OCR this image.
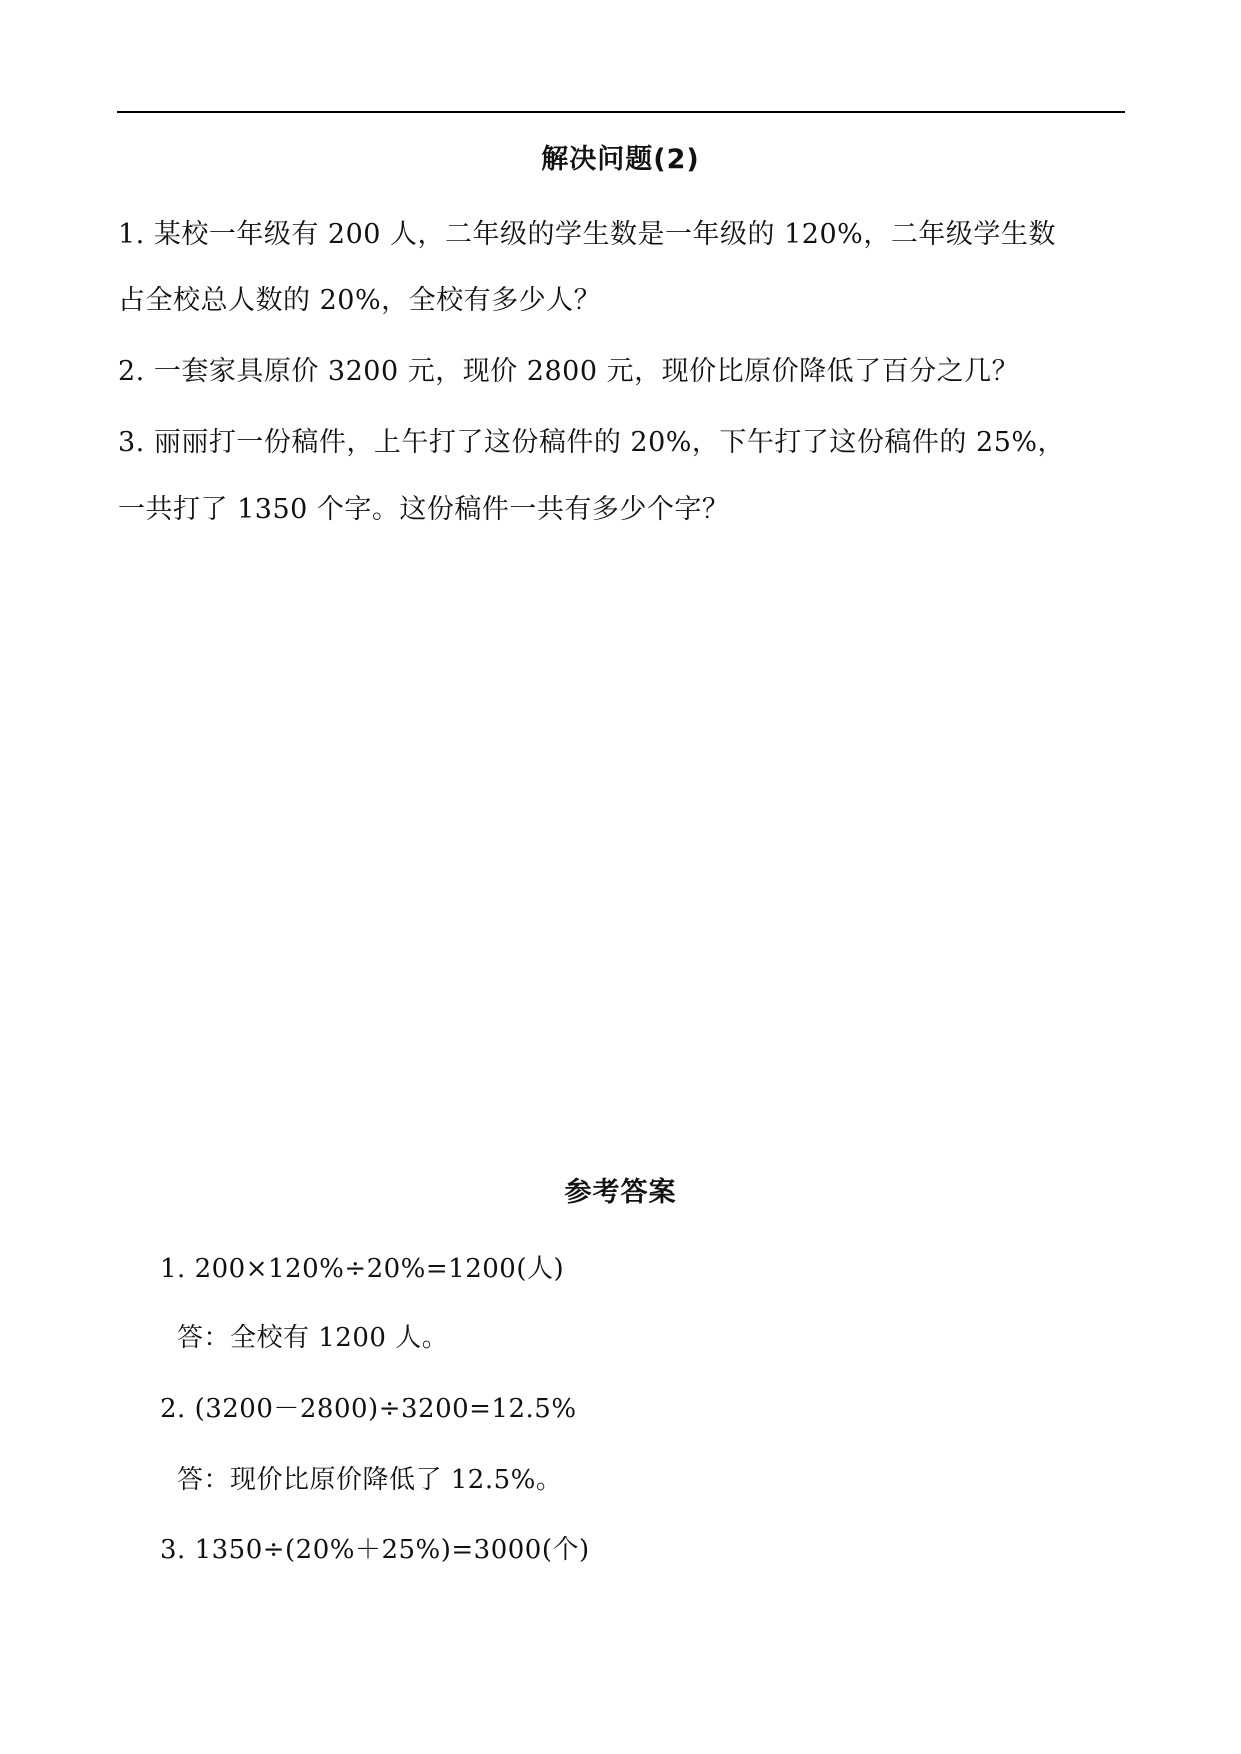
解决问题(2)
1. 某校一年级有 200 人，二年级的学生数是一年级的 120%，二年级学生数
占全校总人数的 20%，全校有多少人？
2. 一套家具原价 3200 元，现价 2800 元，现价比原价降低了百分之几？
3. 丽丽打一份稿件，上午打了这份稿件的 20%，下午打了这份稿件的 25%，
一共打了 1350 个字。这份稿件一共有多少个字？
参考答案
1. 200×120%÷20%=1200(人)
答：全校有 1200 人。
2. (3200－2800)÷3200=12.5%
答：现价比原价降低了 12.5%。
3. 1350÷(20%＋25%)=3000(个)
